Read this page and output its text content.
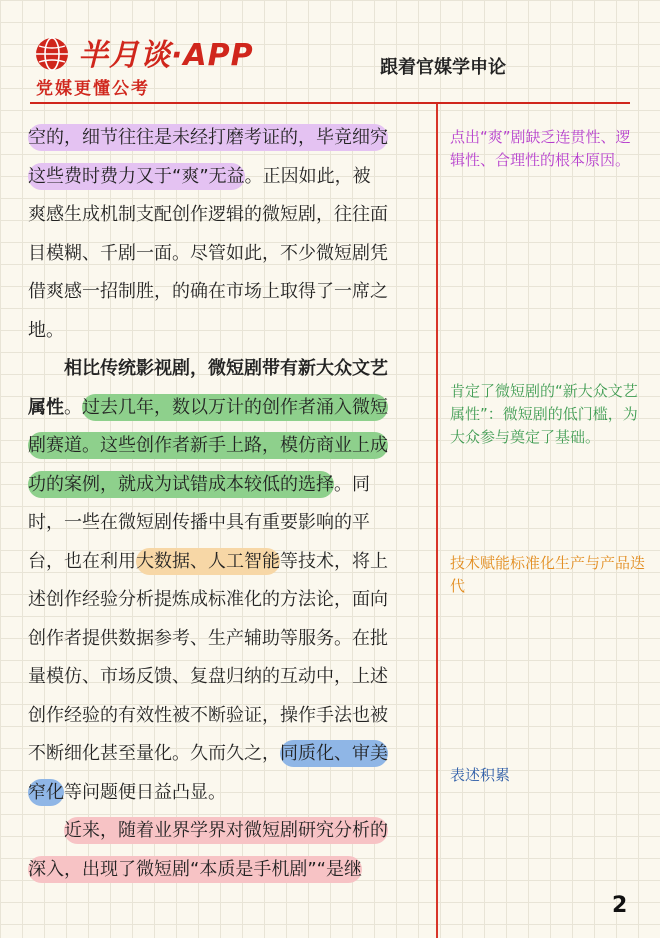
半月谈·APP
党媒更懂公考
跟着官媒学申论
空的，细节往往是未经打磨考证的，毕竟细究
这些费时费力又于“爽”无益。正因如此，被
爽感生成机制支配创作逻辑的微短剧，往往面
目模糊、千剧一面。尽管如此，不少微短剧凭
借爽感一招制胜，的确在市场上取得了一席之
地。
　　相比传统影视剧，微短剧带有新大众文艺
属性。过去几年，数以万计的创作者涌入微短
剧赛道。这些创作者新手上路，模仿商业上成
功的案例，就成为试错成本较低的选择。同
时，一些在微短剧传播中具有重要影响的平
台，也在利用大数据、人工智能等技术，将上
述创作经验分析提炼成标准化的方法论，面向
创作者提供数据参考、生产辅助等服务。在批
量模仿、市场反馈、复盘归纳的互动中，上述
创作经验的有效性被不断验证，操作手法也被
不断细化甚至量化。久而久之，同质化、审美
窄化等问题便日益凸显。
　　近来，随着业界学界对微短剧研究分析的
深入，出现了微短剧“本质是手机剧”“是继
点出“爽”剧缺乏连贯性、逻辑性、合理性的根本原因。
肯定了微短剧的“新大众文艺属性”：微短剧的低门槛，为大众参与奠定了基础。
技术赋能标准化生产与产品迭代
表述积累
2
